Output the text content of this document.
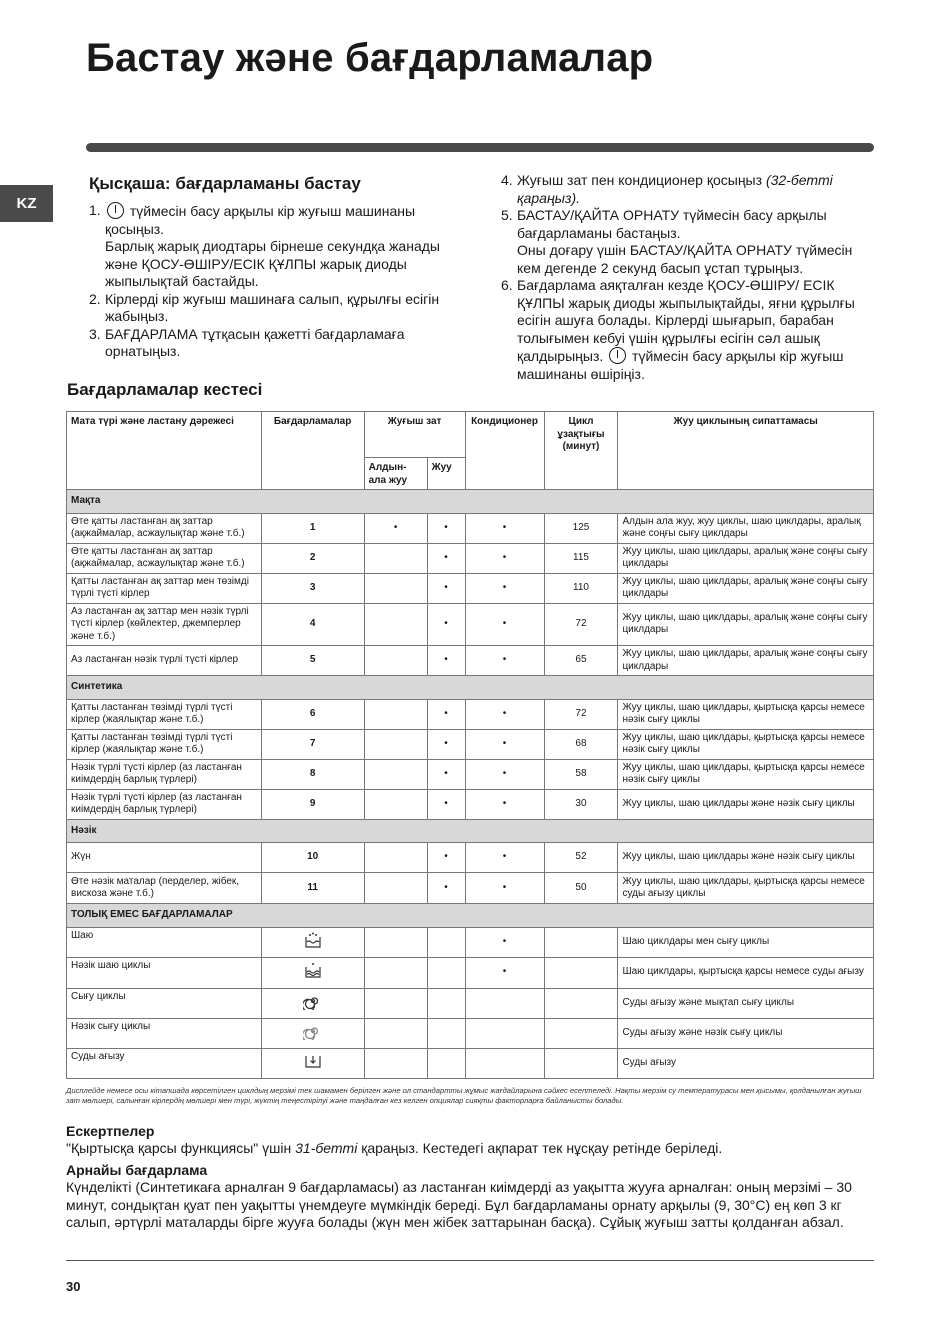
Бастау және бағдарламалар
KZ
Қысқаша: бағдарламаны бастау
1.	түймесін басу арқылы кір жуғыш машинаны қосыңыз.
Барлық жарық диодтары бірнеше секундқа жанады және ҚОСУ-ӨШІРУ/ЕСІК ҚҰЛПЫ жарық диоды жыпылықтай бастайды.
2. Кірлерді кір жуғыш машинаға салып, құрылғы есігін жабыңыз.
3. БАҒДАРЛАМА тұтқасын қажетті бағдарламаға орнатыңыз.
4. Жуғыш зат пен кондиционер қосыңыз (32-бетті қараңыз).
5. БАСТАУ/ҚАЙТА ОРНАТУ түймесін басу арқылы бағдарламаны бастаңыз.
Оны доғару үшін БАСТАУ/ҚАЙТА ОРНАТУ түймесін кем дегенде 2 секунд басып ұстап тұрыңыз.
6. Бағдарлама аяқталған кезде ҚОСУ-ӨШІРУ/ ЕСІК ҚҰЛПЫ жарық диоды жыпылықтайды, яғни құрылғы есігін ашуға болады. Кірлерді шығарып, барабан толығымен кебуі үшін құрылғы есігін сәл ашық қалдырыңыз. түймесін басу арқылы кір жуғыш машинаны өшіріңіз.
Бағдарламалар кестесі
Мата түрі және ластану дәрежесі	Бағдарламалар	Жуғыш зат		Кондиционер	Цикл ұзақтығы (минут)	Жуу циклының сипаттамасы
		Алдын-ала жуу	Жуу			
Мақта						
Өте қатты ластанған ақ заттар (ақжаймалар, асжаулықтар және т.б.)	1	•	•	•	125	Алдын ала жуу, жуу циклы, шаю циклдары, аралық және соңғы сығу циклдары
Өте қатты ластанған ақ заттар (ақжаймалар, асжаулықтар және т.б.)	2		•	•	115	Жуу циклы, шаю циклдары, аралық және соңғы сығу циклдары
Қатты ластанған ақ заттар мен төзімді түрлі түсті кірлер	3		•	•	110	Жуу циклы, шаю циклдары, аралық және соңғы сығу циклдары
Аз ластанған ақ заттар мен нәзік түрлі түсті кірлер (көйлектер, джемперлер және т.б.)	4		•	•	72	Жуу циклы, шаю циклдары, аралық және соңғы сығу циклдары
Аз ластанған нәзік түрлі түсті кірлер	5		•	•	65	Жуу циклы, шаю циклдары, аралық және соңғы сығу циклдары
Синтетика						
Қатты ластанған төзімді түрлі түсті кірлер (жаялықтар және т.б.)	6		•	•	72	Жуу циклы, шаю циклдары, қыртысқа қарсы немесе нәзік сығу циклы
Қатты ластанған төзімді түрлі түсті кірлер (жаялықтар және т.б.)	7		•	•	68	Жуу циклы, шаю циклдары, қыртысқа қарсы немесе нәзік сығу циклы
Нәзік түрлі түсті кірлер (аз ластанған киімдердің барлық түрлері)	8		•	•	58	Жуу циклы, шаю циклдары, қыртысқа қарсы немесе нәзік сығу циклы
Нәзік түрлі түсті кірлер (аз ластанған киімдердің барлық түрлері)	9		•	•	30	Жуу циклы, шаю циклдары және нәзік сығу циклы
Нәзік						
Жүн	10		•	•	52	Жуу циклы, шаю циклдары және нәзік сығу циклы
Өте нәзік маталар (перделер, жібек, вискоза және т.б.)	11		•	•	50	Жуу циклы, шаю циклдары, қыртысқа қарсы немесе суды ағызу циклы
ТОЛЫҚ ЕМЕС БАҒДАРЛАМАЛАР						
Шаю				•		Шаю циклдары мен сығу циклы
Нәзік шаю циклы				•		Шаю циклдары, қыртысқа қарсы немесе суды ағызу
Сығу циклы						Суды ағызу және мықтап сығу циклы
Нәзік сығу циклы						Суды ағызу және нәзік сығу циклы
Суды ағызу						Суды ағызу
Дисплейде немесе осы кітапшада көрсетілген циклдың мерзімі тек шамамен берілген және ол стандартты жұмыс жағдайларына сәйкес есептеледі. Нақты мерзім су температурасы мен қысымы, қолданылған жуғыш зат мөлшері, салынған кірлердің мөлшері мен түрі, жүктің теңестірілуі және таңдалған кез келген опциялар сияқты факторларға байланысты болады.
Ескертпелер
"Қыртысқа қарсы функциясы" үшін 31-бетті қараңыз. Кестедегі ақпарат тек нұсқау ретінде беріледі.
Арнайы бағдарлама
Күнделікті (Синтетикаға арналған 9 бағдарламасы) аз ластанған киімдерді аз уақытта жууға арналған: оның мерзімі – 30 минут, сондықтан қуат пен уақытты үнемдеуге мүмкіндік береді. Бұл бағдарламаны орнату арқылы (9, 30°C) ең көп 3 кг салып, әртүрлі маталарды бірге жууға болады (жүн мен жібек заттарынан басқа). Сұйық жуғыш затты қолданған абзал.
30
